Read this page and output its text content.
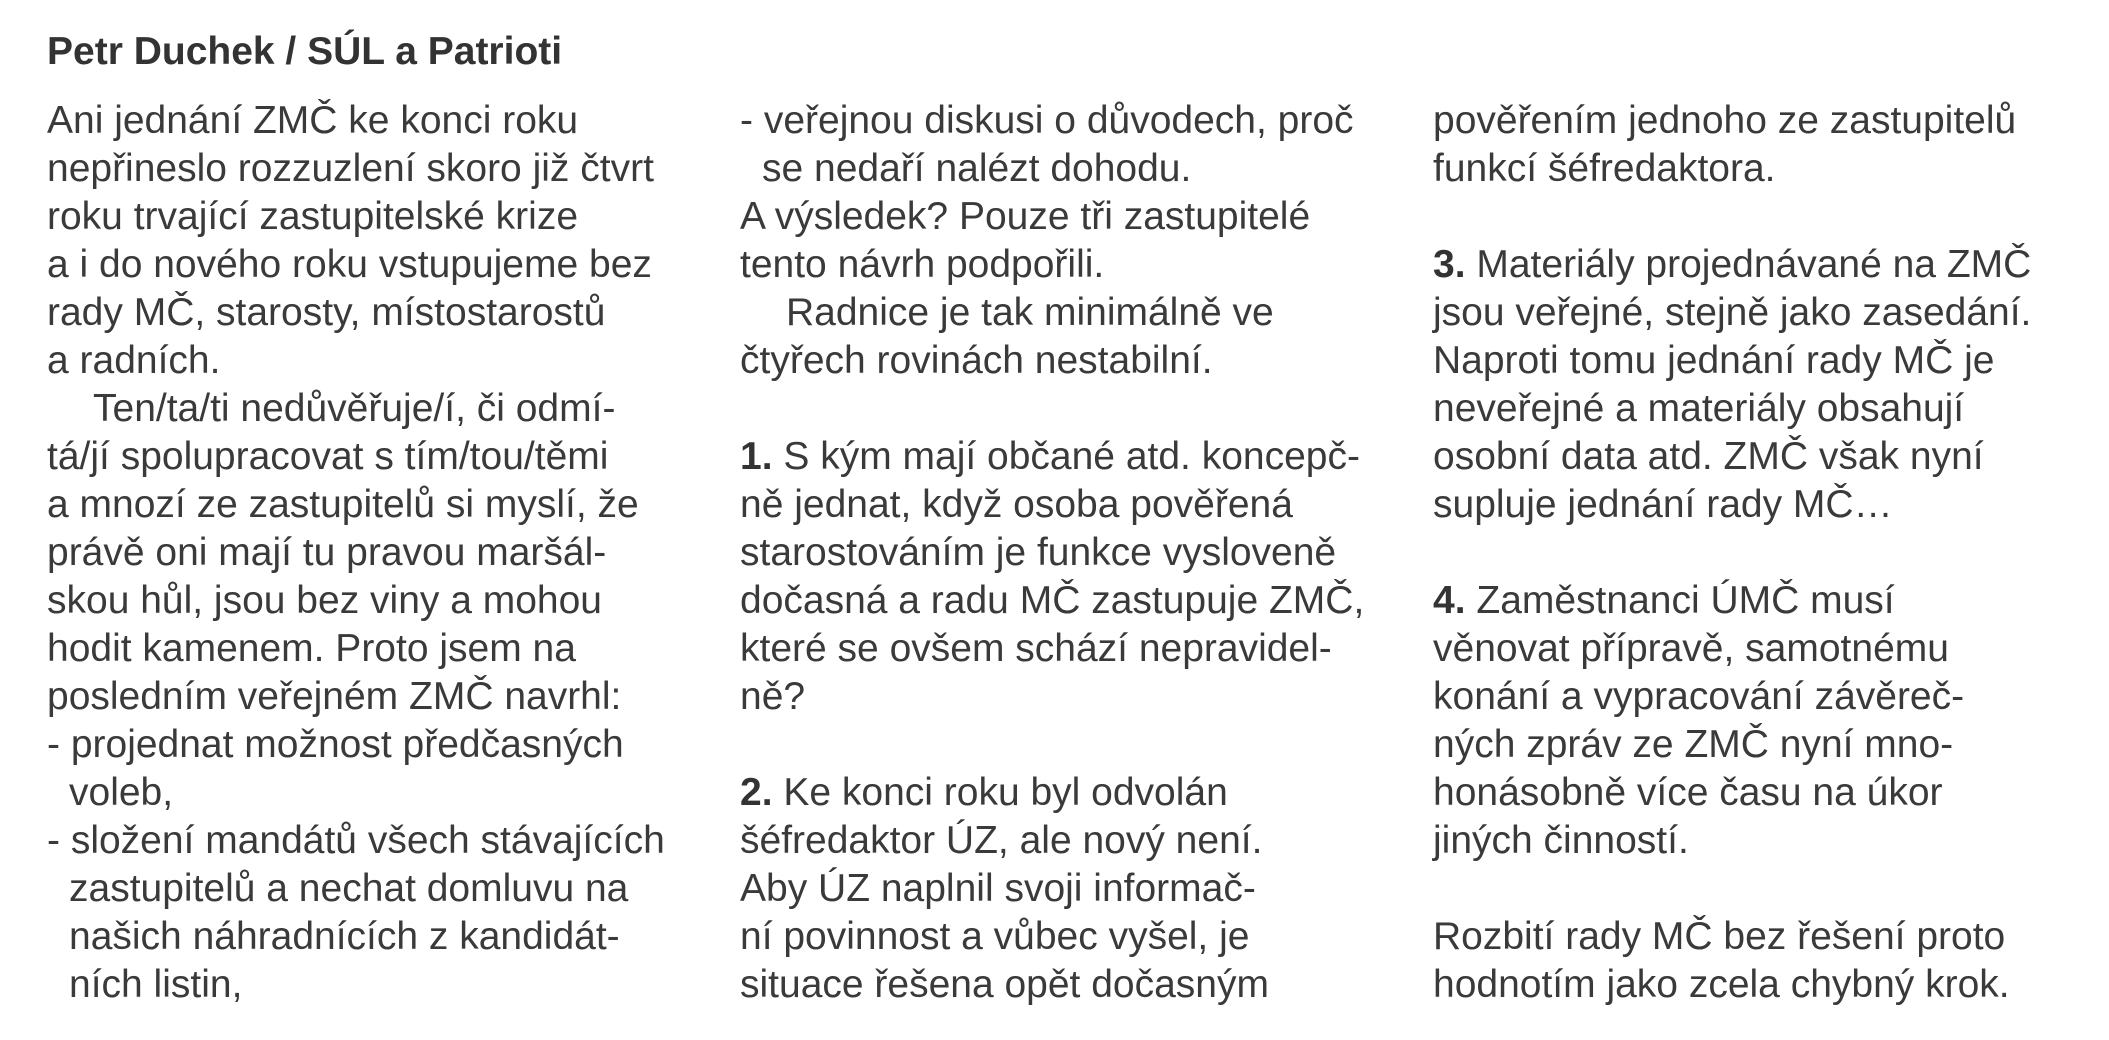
Petr Duchek / SÚL a Patrioti
Ani jednání ZMČ ke konci roku
nepřineslo rozzuzlení skoro již čtvrt
roku trvající zastupitelské krize
a i do nového roku vstupujeme bez
rady MČ, starosty, místostarostů
a radních.
Ten/ta/ti nedůvěřuje/í, či odmí-
tá/jí spolupracovat s tím/tou/těmi
a mnozí ze zastupitelů si myslí, že
právě oni mají tu pravou maršál-
skou hůl, jsou bez viny a mohou
hodit kamenem. Proto jsem na
posledním veřejném ZMČ navrhl:
- projednat možnost předčasných
voleb,
- složení mandátů všech stávajících
zastupitelů a nechat domluvu na
našich náhradnících z kandidát-
ních listin,
- veřejnou diskusi o důvodech, proč
se nedaří nalézt dohodu.
A výsledek? Pouze tři zastupitelé
tento návrh podpořili.
Radnice je tak minimálně ve
čtyřech rovinách nestabilní.
1. S kým mají občané atd. koncepč-
ně jednat, když osoba pověřená
starostováním je funkce vysloveně
dočasná a radu MČ zastupuje ZMČ,
které se ovšem schází nepravidel-
ně?
2. Ke konci roku byl odvolán
šéfredaktor ÚZ, ale nový není.
Aby ÚZ naplnil svoji informač-
ní povinnost a vůbec vyšel, je
situace řešena opět dočasným
pověřením jednoho ze zastupitelů
funkcí šéfredaktora.
3. Materiály projednávané na ZMČ
jsou veřejné, stejně jako zasedání.
Naproti tomu jednání rady MČ je
neveřejné a materiály obsahují
osobní data atd. ZMČ však nyní
supluje jednání rady MČ…
4. Zaměstnanci ÚMČ musí
věnovat přípravě, samotnému
konání a vypracování závěreč-
ných zpráv ze ZMČ nyní mno-
honásobně více času na úkor
jiných činností.
Rozbití rady MČ bez řešení proto
hodnotím jako zcela chybný krok.
